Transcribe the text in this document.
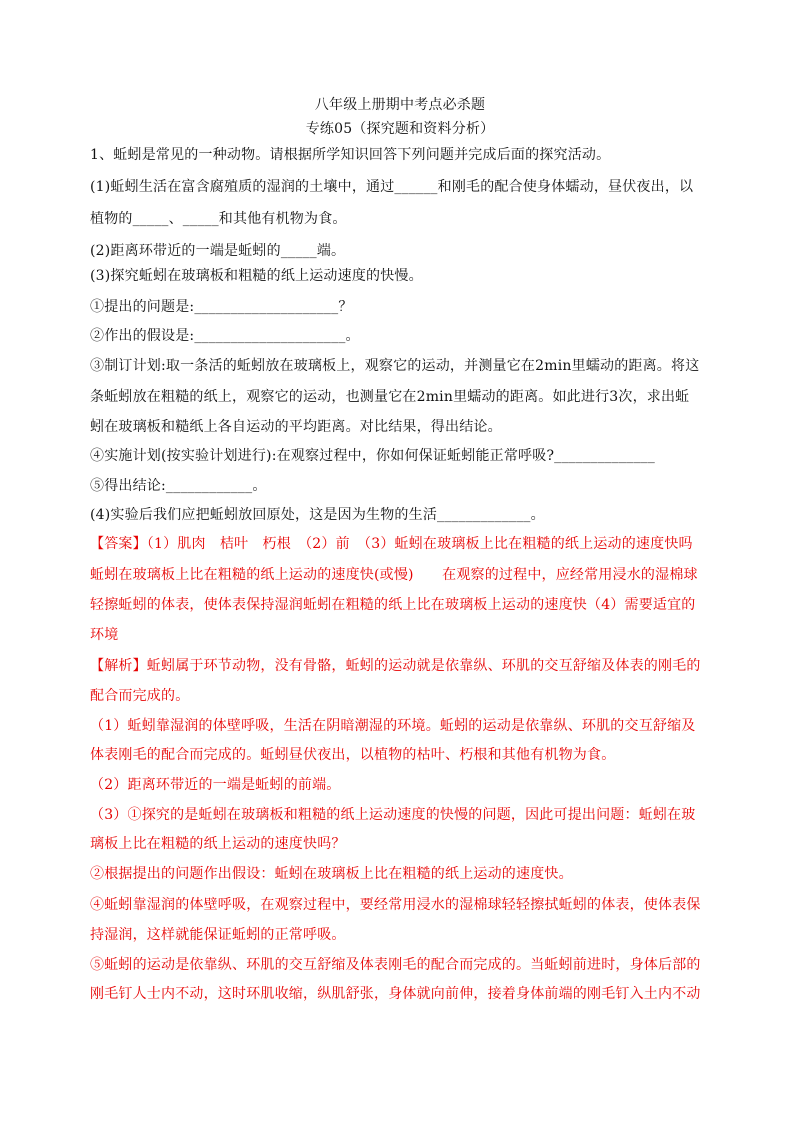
八年级上册期中考点必杀题
专练05（探究题和资料分析）
1、蚯蚓是常见的一种动物。请根据所学知识回答下列问题并完成后面的探究活动。
(1)蚯蚓生活在富含腐殖质的湿润的土壤中，通过______和刚毛的配合使身体蠕动，昼伏夜出，以
植物的_____、_____和其他有机物为食。
(2)距离环带近的一端是蚯蚓的_____端。
(3)探究蚯蚓在玻璃板和粗糙的纸上运动速度的快慢。
①提出的问题是:____________________？
②作出的假设是:_____________________。
③制订计划:取一条活的蚯蚓放在玻璃板上，观察它的运动，并测量它在2min里蠕动的距离。将这
条蚯蚓放在粗糙的纸上，观察它的运动，也测量它在2min里蠕动的距离。如此进行3次，求出蚯
蚓在玻璃板和糙纸上各自运动的平均距离。对比结果，得出结论。
④实施计划(按实验计划进行):在观察过程中，你如何保证蚯蚓能正常呼吸?______________
⑤得出结论:____________。
(4)实验后我们应把蚯蚓放回原处，这是因为生物的生活_____________。
【答案】（1）肌肉　桔叶　朽根　（2）前　（3）蚯蚓在玻璃板上比在粗糙的纸上运动的速度快吗
蚯蚓在玻璃板上比在粗糙的纸上运动的速度快(或慢)　　在观察的过程中，应经常用浸水的湿棉球
轻擦蚯蚓的体表，使体表保持湿润蚯蚓在粗糙的纸上比在玻璃板上运动的速度快（4）需要适宜的
环境
【解析】蚯蚓属于环节动物，没有骨骼，蚯蚓的运动就是依靠纵、环肌的交互舒缩及体表的刚毛的
配合而完成的。
（1）蚯蚓靠湿润的体壁呼吸，生活在阴暗潮湿的环境。蚯蚓的运动是依靠纵、环肌的交互舒缩及
体表刚毛的配合而完成的。蚯蚓昼伏夜出，以植物的枯叶、朽根和其他有机物为食。
（2）距离环带近的一端是蚯蚓的前端。
（3）①探究的是蚯蚓在玻璃板和粗糙的纸上运动速度的快慢的问题，因此可提出问题：蚯蚓在玻
璃板上比在粗糙的纸上运动的速度快吗？
②根据提出的问题作出假设：蚯蚓在玻璃板上比在粗糙的纸上运动的速度快。
④蚯蚓靠湿润的体壁呼吸，在观察过程中，要经常用浸水的湿棉球轻轻擦拭蚯蚓的体表，使体表保
持湿润，这样就能保证蚯蚓的正常呼吸。
⑤蚯蚓的运动是依靠纵、环肌的交互舒缩及体表刚毛的配合而完成的。当蚯蚓前进时，身体后部的
刚毛钉人士内不动，这时环肌收缩，纵肌舒张，身体就向前伸，接着身体前端的刚毛钉入土内不动
